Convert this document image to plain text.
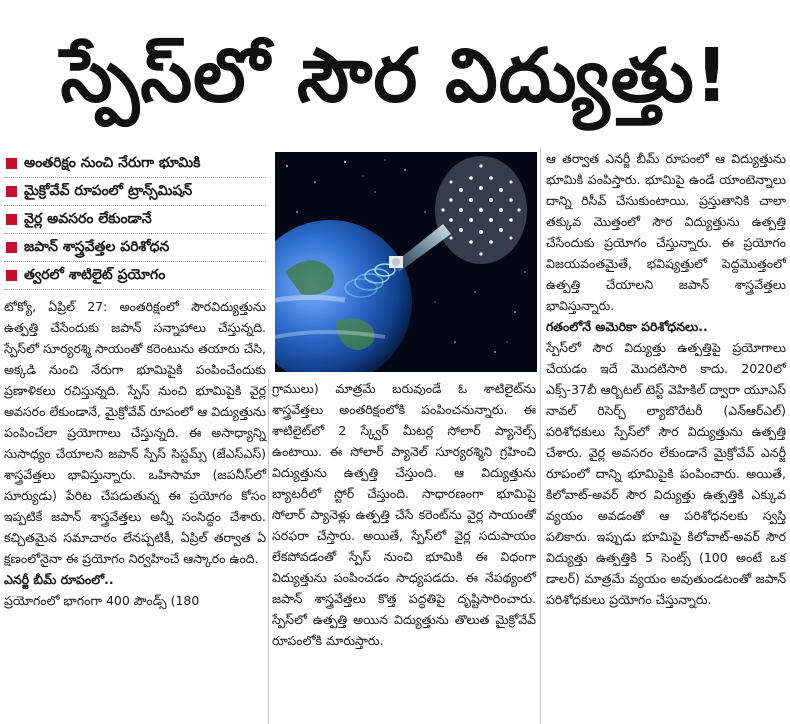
స్పేస్‌లో సౌర విద్యుత్తు!
అంతరిక్షం నుంచి నేరుగా భూమికి
మైక్రోవేవ్ రూపంలో ట్రాన్స్‌మిషన్
వైర్ల అవసరం లేకుండానే
జపాన్ శాస్త్రవేత్తల పరిశోధన
త్వరలో శాటిలైట్ ప్రయోగం

టోక్యో, ఏప్రిల్ 27: అంతరిక్షంలో సౌరవిద్యుత్తును ఉత్పత్తి చేసేందుకు జపాన్ సన్నాహాలు చేస్తున్నది. స్పేస్‌లో సూర్యరశ్మి సాయంతో కరెంటును తయారు చేసి, అక్కడి నుంచి నేరుగా భూమిపైకి పంపించేందుకు ప్రణాళికలు రచిస్తున్నది. స్పేస్ నుంచి భూమిపైకి వైర్ల అవసరం లేకుండానే, మైక్రోవేవ్ రూపంలో ఆ విద్యుత్తును పంపించేలా ప్రయోగాలు చేస్తున్నది. ఈ అసాధ్యాన్ని సుసాధ్యం చేయాలని జపాన్ స్పేస్ సిస్టమ్స్ (జేఎస్ఎస్) శాస్త్రవేత్తలు భావిస్తున్నారు. ఒహిసామా (జపనీస్‌లో సూర్యుడు) పేరిట చేపడుతున్న ఈ ప్రయోగం కోసం ఇప్పటికే జపాన్ శాస్త్రవేత్తలు అన్నీ సంసిద్ధం చేశారు. కచ్చితమైన సమాచారం లేనప్పటికీ, ఏప్రిల్ తర్వాత ఏ క్షణంలోనైనా ఈ ప్రయోగం నిర్వహించే ఆస్కారం ఉంది.

ఎనర్జీ బీమ్ రూపంలో..

ప్రయోగంలో భాగంగా 400 పౌండ్స్ (180

గ్రాములు) మాత్రమే బరువుండే ఓ శాటిలైట్‌ను శాస్త్రవేత్తలు అంతరిక్షంలోకి పంపించనున్నారు. ఈ శాటిలైట్‌లో 2 స్క్వేర్ మీటర్ల సోలార్ ప్యానెల్స్ ఉంటాయి. ఈ సోలార్ ప్యానెల్ సూర్యరశ్మిని గ్రహించి విద్యుత్తును ఉత్పత్తి చేస్తుంది. ఆ విద్యుత్తును బ్యాటరీలో స్టోర్ చేస్తుంది. సాధారణంగా భూమిపై సోలార్ ప్యానెళ్లు ఉత్పత్తి చేసే కరెంట్‌ను వైర్ల సాయంతో సరఫరా చేస్తారు. అయితే, స్పేస్‌లో వైర్ల సదుపాయం లేకపోవడంతో స్పేస్ నుంచి భూమికి ఈ విధంగా విద్యుత్తును పంపించడం సాధ్యపడదు. ఈ నేపథ్యంలో జపాన్ శాస్త్రవేత్తలు కొత్త పద్ధతిపై దృష్టిసారించారు. స్పేస్‌లో ఉత్పత్తి అయిన విద్యుత్తును తొలుత మైక్రోవేవ్ రూపంలోకి మారుస్తారు.

ఆ తర్వాత ఎనర్జీ బీమ్ రూపంలో ఆ విద్యుత్తును భూమికి పంపిస్తారు. భూమిపై ఉండే యాంటెన్నాలు దాన్ని రిసీవ్ చేసుకుంటాయి. ప్రస్తుతానికి చాలా తక్కువ మొత్తంలో సౌర విద్యుత్తును ఉత్పత్తి చేసేందుకు ప్రయోగం చేస్తున్నారు. ఈ ప్రయోగం విజయవంతమైతే, భవిష్యత్తులో పెద్దమొత్తంలో ఉత్పత్తి చేయాలని జపాన్ శాస్త్రవేత్తలు భావిస్తున్నారు.

గతంలోనే అమెరికా పరిశోధనలు..

స్పేస్‌లో సౌర విద్యుత్తు ఉత్పత్తిపై ప్రయోగాలు చేయడం ఇదే మొదటిసారి కాదు. 2020లో ఎక్స్-37బీ ఆర్బిటల్ టెస్ట్ వెహికిల్ ద్వారా యూఎస్ నావల్ రిసెర్చ్ ల్యాబొరేటరీ (ఎన్ఆర్ఎల్) పరిశోధకులు స్పేస్‌లో సౌర విద్యుత్తును ఉత్పత్తి చేశారు. వైర్ల అవసరం లేకుండానే మైక్రోవేవ్ ఎనర్జీ రూపంలో దాన్ని భూమిపైకి పంపించారు. అయితే, కిలోవాట్-అవర్ సౌర విద్యుత్తు ఉత్పత్తికి ఎక్కువ వ్యయం అవడంతో ఆ పరిశోధనలకు స్వస్తి పలికారు. ఇప్పుడు భూమిపై కిలోవాట్-అవర్ సౌర విద్యుత్తు ఉత్పత్తికి 5 సెంట్స్ (100 అంటే ఒక డాలర్) మాత్రమే వ్యయం అవుతుండటంతో జపాన్ పరిశోధకులు ప్రయోగం చేస్తున్నారు.
